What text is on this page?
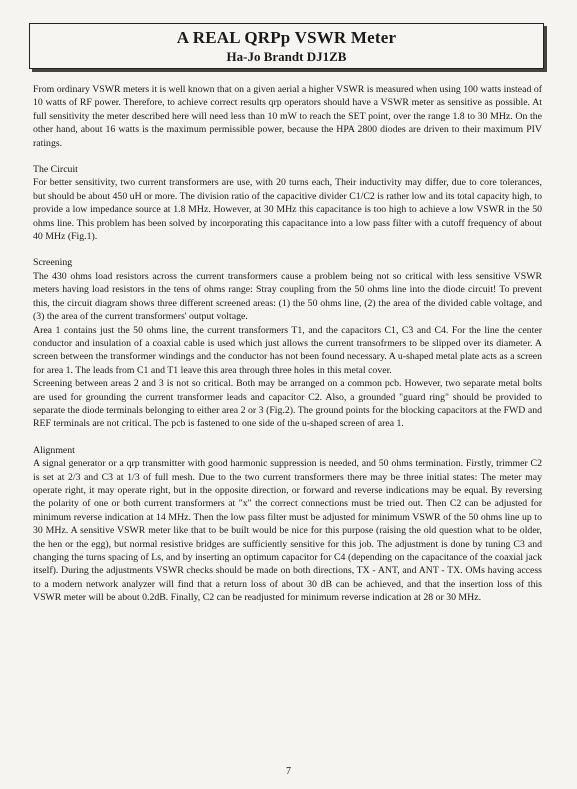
A REAL QRPp VSWR Meter
Ha-Jo Brandt DJ1ZB

From ordinary VSWR meters it is well known that on a given aerial a higher VSWR is measured when using 100 watts instead of 10 watts of RF power. Therefore, to achieve correct results qrp operators should have a VSWR meter as sensitive as possible. At full sensitivity the meter described here will need less than 10 mW to reach the SET point, over the range 1.8 to 30 MHz. On the other hand, about 16 watts is the maximum permissible power, because the HPA 2800 diodes are driven to their maximum PIV ratings.

The Circuit

For better sensitivity, two current transformers are use, with 20 turns each, Their inductivity may differ, due to core tolerances, but should be about 450 uH or more. The division ratio of the capacitive divider C1/C2 is rather low and its total capacity high, to provide a low impedance source at 1.8 MHz. However, at 30 MHz this capacitance is too high to achieve a low VSWR in the 50 ohms line. This problem has been solved by incorporating this capacitance into a low pass filter with a cutoff frequency of about 40 MHz (Fig.1).

Screening

The 430 ohms load resistors across the current transformers cause a problem being not so critical with less sensitive VSWR meters having load resistors in the tens of ohms range: Stray coupling from the 50 ohms line into the diode circuit! To prevent this, the circuit diagram shows three different screened areas: (1) the 50 ohms line, (2) the area of the divided cable voltage, and (3) the area of the current transformers' output voltage.

Area 1 contains just the 50 ohms line, the current transformers T1, and the capacitors C1, C3 and C4. For the line the center conductor and insulation of a coaxial cable is used which just allows the current transofrmers to be slipped over its diameter. A screen between the transformer windings and the conductor has not been found necessary. A u-shaped metal plate acts as a screen for area 1. The leads from C1 and T1 leave this area through three holes in this metal cover.

Screening between areas 2 and 3 is not so critical. Both may be arranged on a common pcb. However, two separate metal bolts are used for grounding the current transformer leads and capacitor C2. Also, a grounded "guard ring" should be provided to separate the diode terminals belonging to either area 2 or 3 (Fig.2). The ground points for the blocking capacitors at the FWD and REF terminals are not critical. The pcb is fastened to one side of the u-shaped screen of area 1.

Alignment

A signal generator or a qrp transmitter with good harmonic suppression is needed, and 50 ohms termination. Firstly, trimmer C2 is set at 2/3 and C3 at 1/3 of full mesh. Due to the two current transformers there may be three initial states: The meter may operate right, it may operate right, but in the opposite direction, or forward and reverse indications may be equal. By reversing the polarity of one or both current transformers at "x" the correct connections must be tried out. Then C2 can be adjusted for minimum reverse indication at 14 MHz. Then the low pass filter must be adjusted for minimum VSWR of the 50 ohms line up to 30 MHz. A sensitive VSWR meter like that to be built would be nice for this purpose (raising the old question what to be older, the hen or the egg), but normal resistive bridges are sufficiently sensitive for this job. The adjustment is done by tuning C3 and changing the turns spacing of Ls, and by inserting an optimum capacitor for C4 (depending on the capacitance of the coaxial jack itself). During the adjustments VSWR checks should be made on both directions, TX - ANT, and ANT - TX. OMs having access to a modern network analyzer will find that a return loss of about 30 dB can be achieved, and that the insertion loss of this VSWR meter will be about 0.2dB. Finally, C2 can be readjusted for minimum reverse indication at 28 or 30 MHz.

7
